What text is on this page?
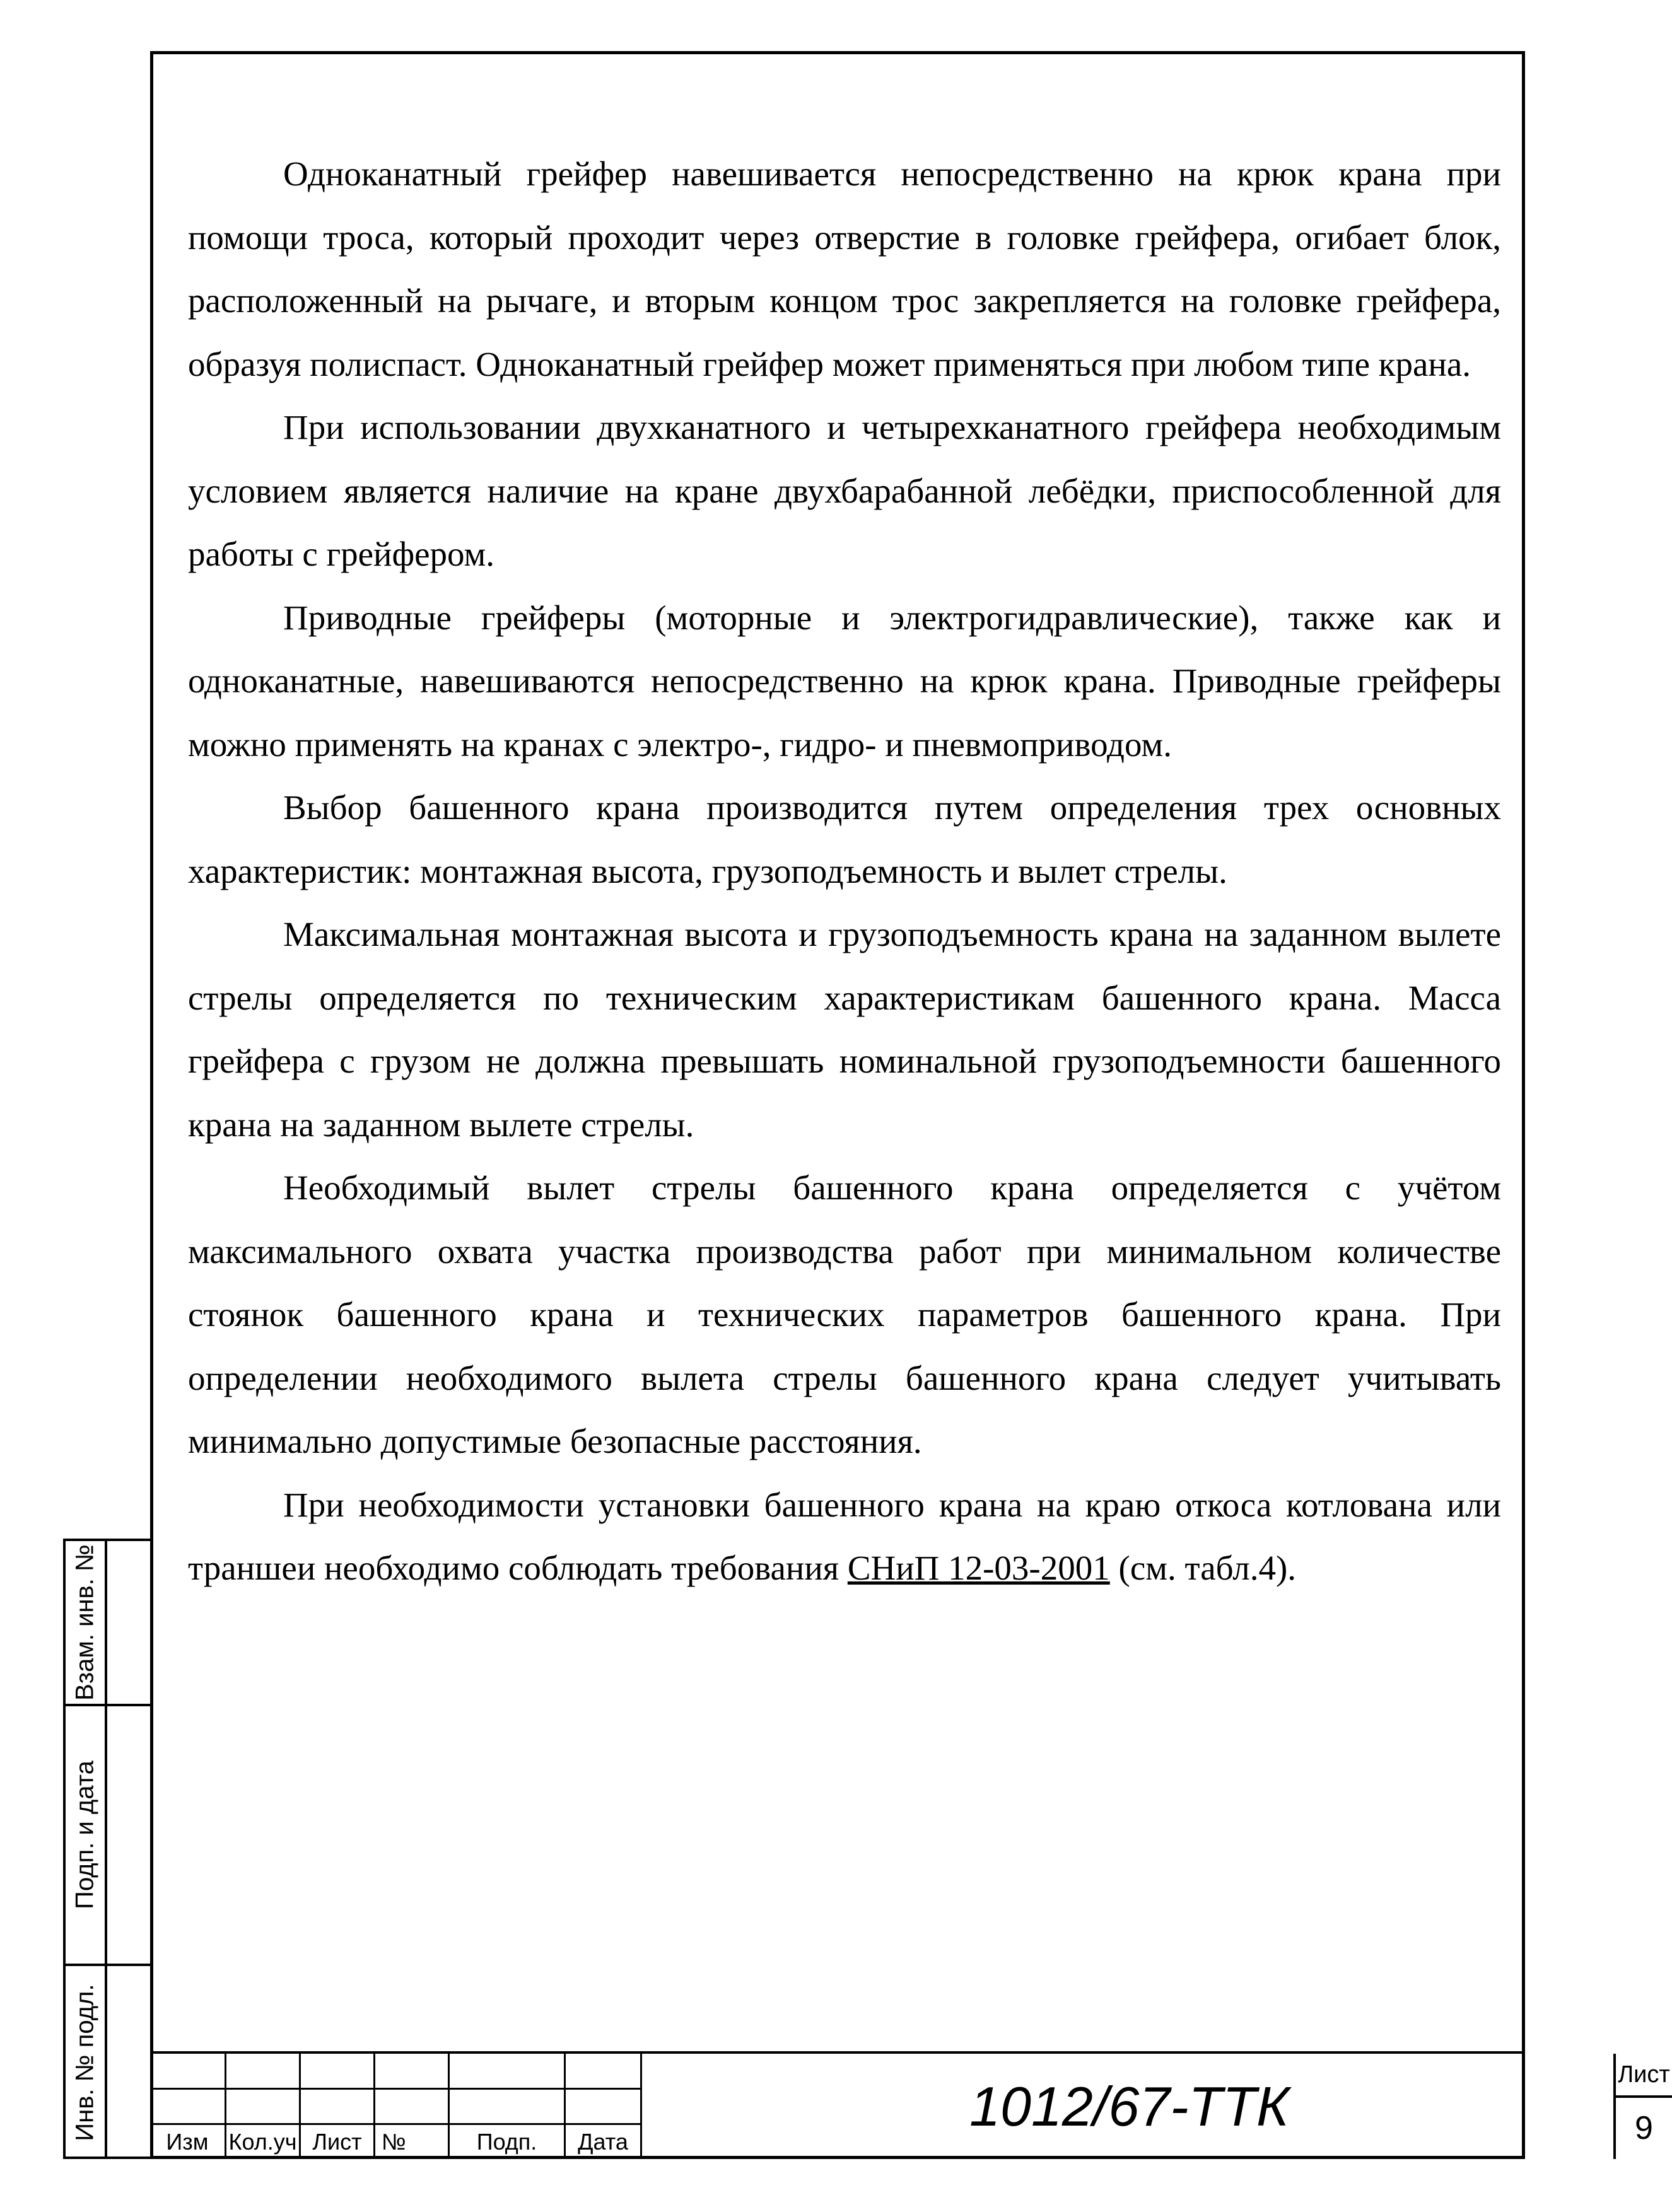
Одноканатный грейфер навешивается непосредственно на крюк крана при помощи троса, который проходит через отверстие в головке грейфера, огибает блок, расположенный на рычаге, и вторым концом трос закрепляется на головке грейфера, образуя полиспаст. Одноканатный грейфер может применяться при любом типе крана.

При использовании двухканатного и четырехканатного грейфера необходимым условием является наличие на кране двухбарабанной лебёдки, приспособленной для работы с грейфером.

Приводные грейферы (моторные и электрогидравлические), также как и одноканатные, навешиваются непосредственно на крюк крана. Приводные грейферы можно применять на кранах с электро-, гидро- и пневмоприводом.

Выбор башенного крана производится путем определения трех основных характеристик: монтажная высота, грузоподъемность и вылет стрелы.

Максимальная монтажная высота и грузоподъемность крана на заданном вылете стрелы определяется по техническим характеристикам башенного крана. Масса грейфера с грузом не должна превышать номинальной грузоподъемности башенного крана на заданном вылете стрелы.

Необходимый вылет стрелы башенного крана определяется с учётом максимального охвата участка производства работ при минимальном количестве стоянок башенного крана и технических параметров башенного крана. При определении необходимого вылета стрелы башенного крана следует учитывать минимально допустимые безопасные расстояния.

При необходимости установки башенного крана на краю откоса котлована или траншеи необходимо соблюдать требования СНиП 12-03-2001 (см. табл.4).

Взам. инв. №
Подп. и дата
Инв. № подл.
Изм Кол.уч Лист №	Подп.	Дата
1012/67-ТТК
Лист
9
